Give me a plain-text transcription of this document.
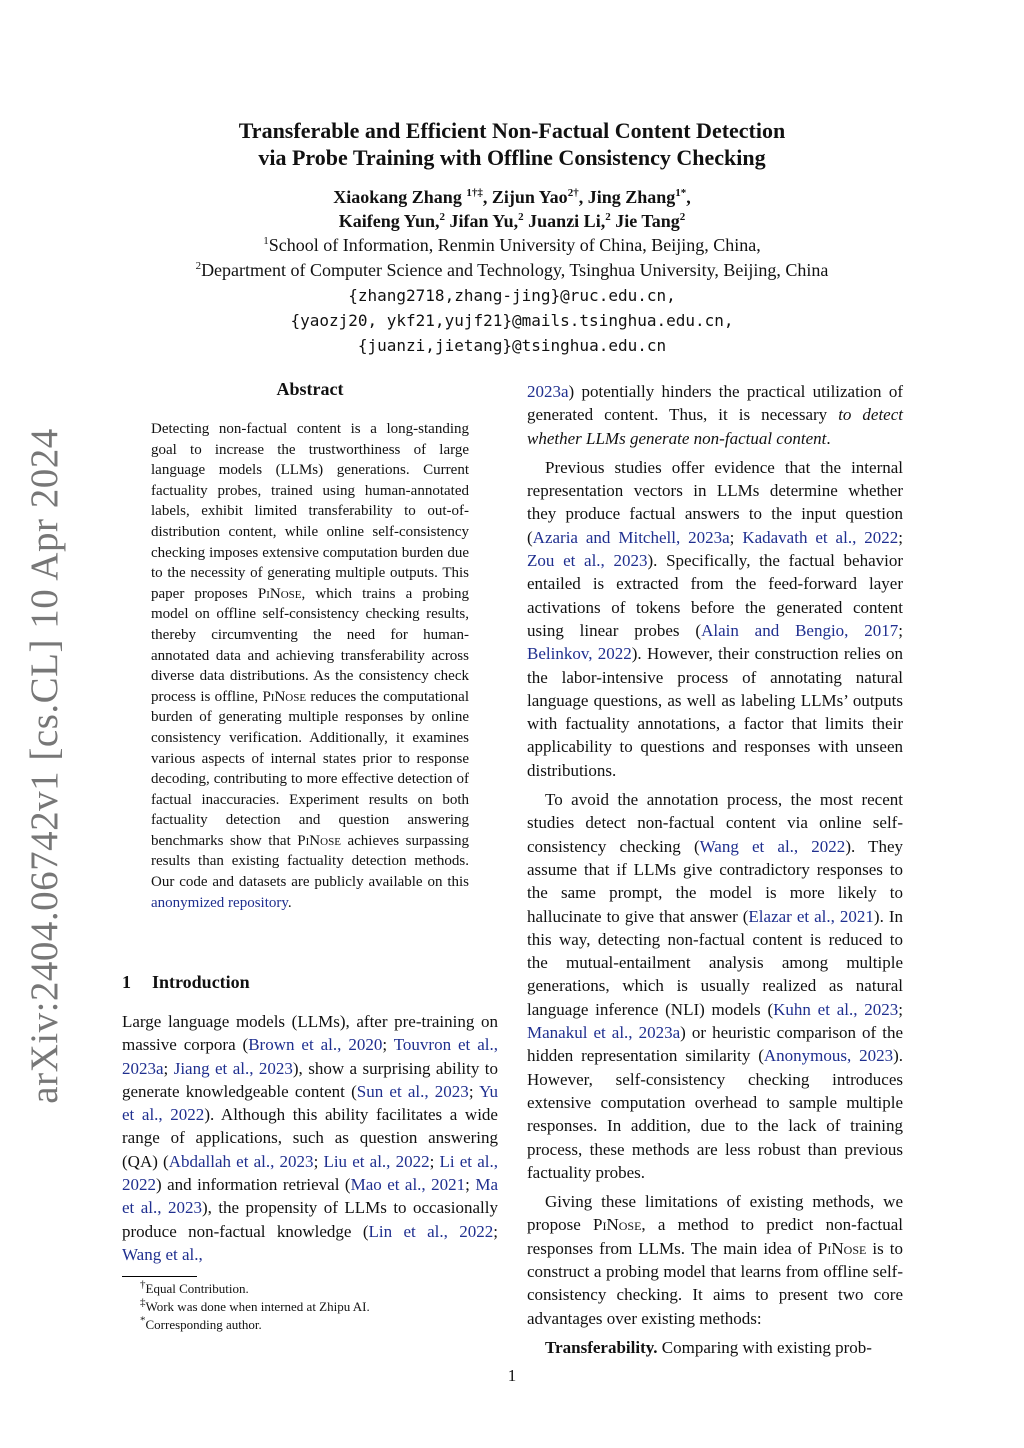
arXiv:2404.06742v1 [cs.CL] 10 Apr 2024
Transferable and Efficient Non-Factual Content Detection
via Probe Training with Offline Consistency Checking
Xiaokang Zhang $^{1\dagger\ddagger}$, Zijun Yao$^{2\dagger}$, Jing Zhang$^{1*}$,
Kaifeng Yun,$^2$ Jifan Yu,$^2$ Juanzi Li,$^2$ Jie Tang$^2$
$^1$School of Information, Renmin University of China, Beijing, China,
$^2$Department of Computer Science and Technology, Tsinghua University, Beijing, China
{zhang2718,zhang-jing}@ruc.edu.cn,
{yaozj20, ykf21,yujf21}@mails.tsinghua.edu.cn,
{juanzi,jietang}@tsinghua.edu.cn
Abstract
Detecting non-factual content is a long-standing goal to increase the trustworthiness of large language models (LLMs) generations. Current factuality probes, trained using human-annotated labels, exhibit limited transferability to out-of-distribution content, while online self-consistency checking imposes extensive computation burden due to the necessity of generating multiple outputs. This paper proposes PiNose, which trains a probing model on offline self-consistency checking results, thereby circumventing the need for human-annotated data and achieving transferability across diverse data distributions. As the consistency check process is offline, PiNose reduces the computational burden of generating multiple responses by online consistency verification. Additionally, it examines various aspects of internal states prior to response decoding, contributing to more effective detection of factual inaccuracies. Experiment results on both factuality detection and question answering benchmarks show that PiNose achieves surpassing results than existing factuality detection methods. Our code and datasets are publicly available on this anonymized repository.
1 Introduction
Large language models (LLMs), after pre-training on massive corpora (Brown et al., 2020; Touvron et al., 2023a; Jiang et al., 2023), show a surprising ability to generate knowledgeable content (Sun et al., 2023; Yu et al., 2022). Although this ability facilitates a wide range of applications, such as question answering (QA) (Abdallah et al., 2023; Liu et al., 2022; Li et al., 2022) and information retrieval (Mao et al., 2021; Ma et al., 2023), the propensity of LLMs to occasionally produce non-factual knowledge (Lin et al., 2022; Wang et al.,
†Equal Contribution.
‡Work was done when interned at Zhipu AI.
*Corresponding author.

2023a) potentially hinders the practical utilization of generated content. Thus, it is necessary to detect whether LLMs generate non-factual content.

Previous studies offer evidence that the internal representation vectors in LLMs determine whether they produce factual answers to the input question (Azaria and Mitchell, 2023a; Kadavath et al., 2022; Zou et al., 2023). Specifically, the factual behavior entailed is extracted from the feed-forward layer activations of tokens before the generated content using linear probes (Alain and Bengio, 2017; Belinkov, 2022). However, their construction relies on the labor-intensive process of annotating natural language questions, as well as labeling LLMs’ outputs with factuality annotations, a factor that limits their applicability to questions and responses with unseen distributions.

To avoid the annotation process, the most recent studies detect non-factual content via online self-consistency checking (Wang et al., 2022). They assume that if LLMs give contradictory responses to the same prompt, the model is more likely to hallucinate to give that answer (Elazar et al., 2021). In this way, detecting non-factual content is reduced to the mutual-entailment analysis among multiple generations, which is usually realized as natural language inference (NLI) models (Kuhn et al., 2023; Manakul et al., 2023a) or heuristic comparison of the hidden representation similarity (Anonymous, 2023). However, self-consistency checking introduces extensive computation overhead to sample multiple responses. In addition, due to the lack of training process, these methods are less robust than previous factuality probes.

Giving these limitations of existing methods, we propose PiNose, a method to predict non-factual responses from LLMs. The main idea of PiNose is to construct a probing model that learns from offline self-consistency checking. It aims to present two core advantages over existing methods:

Transferability. Comparing with existing prob-

1
